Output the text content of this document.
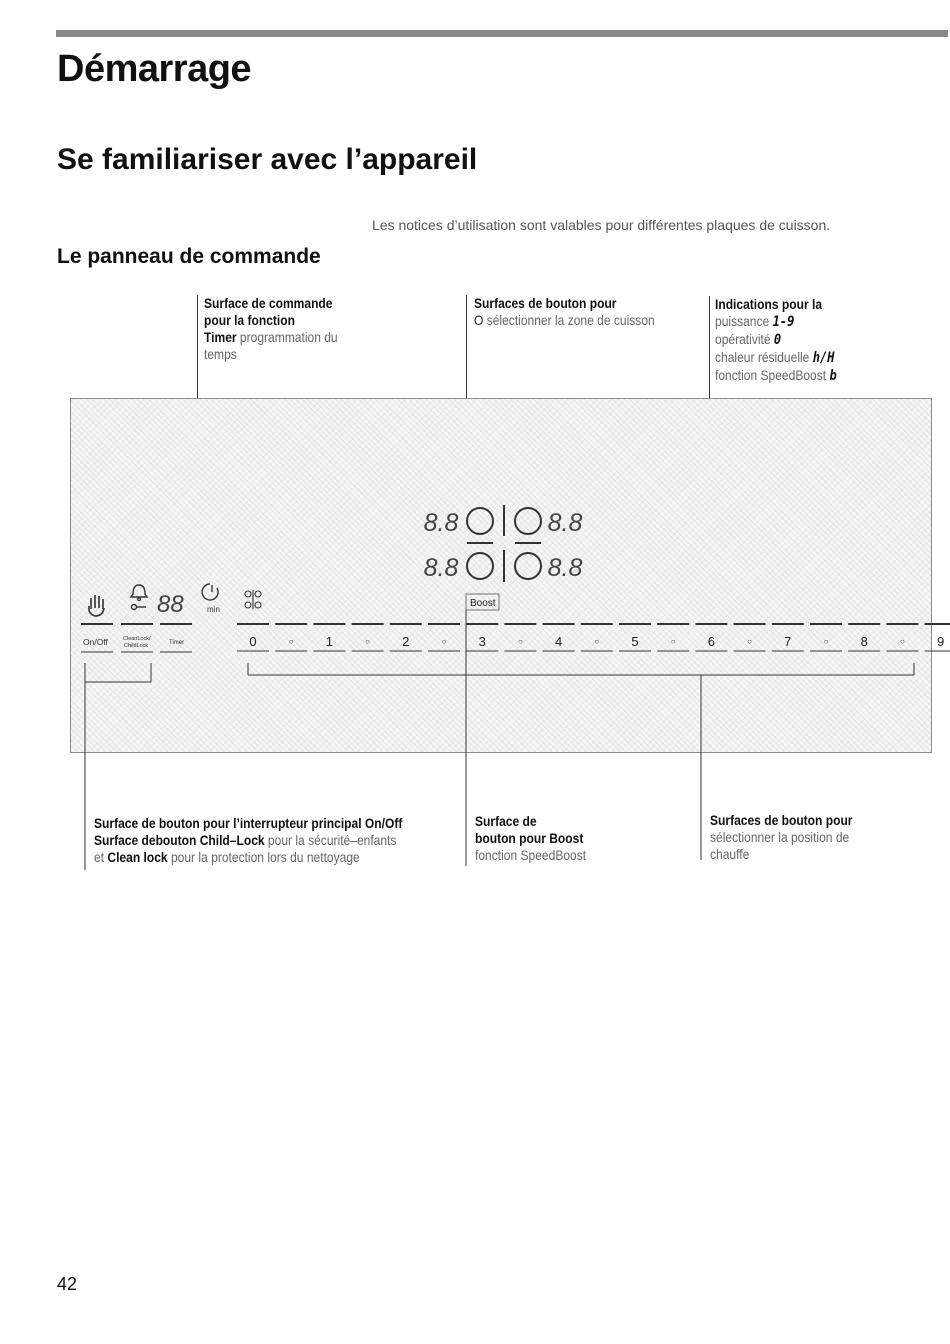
Démarrage
Se familiariser avec l’appareil
Les notices d’utilisation sont valables pour différentes plaques de cuisson.
Le panneau de commande
Surface de commande
pour la fonction
Timer programmation du
temps
Surfaces de bouton pour
O sélectionner la zone de cuisson
Indications pour la
puissance 1-9
opérativité 0
chaleur résiduelle h/H
fonction SpeedBoost b
8.8	8.8
8.8	8.8
Boost
88	min
On/Off	CleanLock/
ChildLock	Timer	0	1	2	3	4	5	6	7	8	9
○	○	○	○	○	○	○	○	○
Surface de bouton pour l’interrupteur principal On/Off
Surface debouton Child–Lock pour la sécurité–enfants
et Clean lock pour la protection lors du nettoyage
Surface de
bouton pour Boost
fonction SpeedBoost
Surfaces de bouton pour
sélectionner la position de
chauffe
42
